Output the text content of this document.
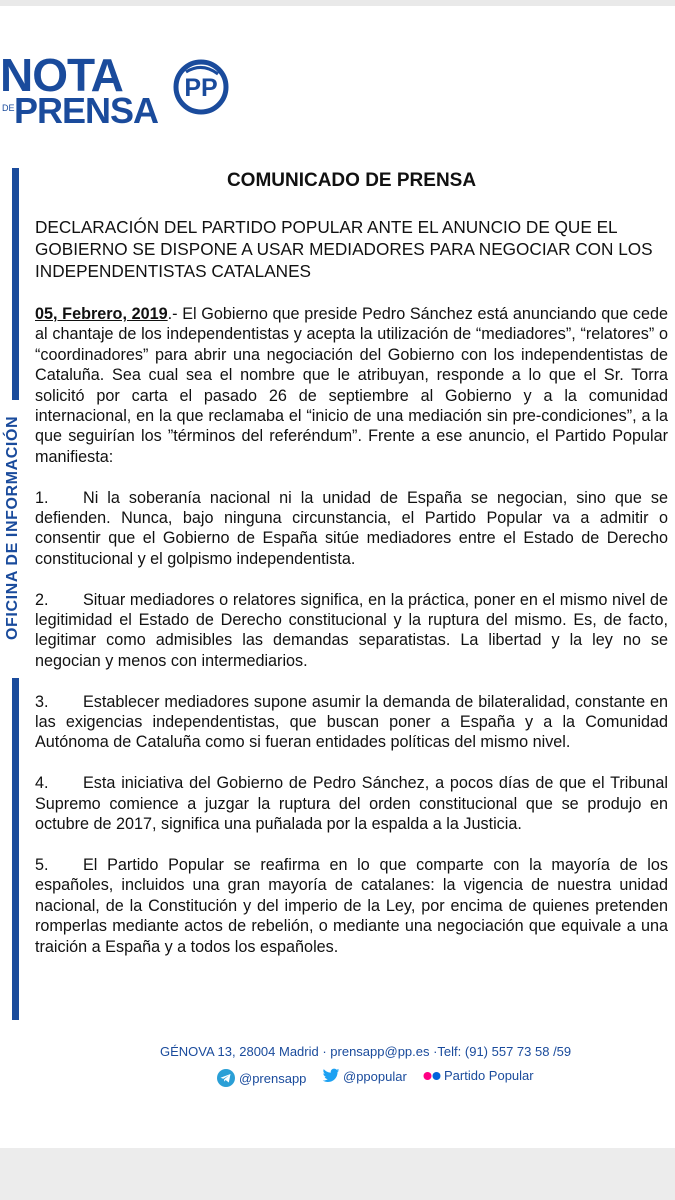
NOTA
DE PRENSA
PP
OFICINA DE INFORMACIÓN
COMUNICADO DE PRENSA
DECLARACIÓN DEL PARTIDO POPULAR ANTE EL ANUNCIO DE QUE EL GOBIERNO SE DISPONE A USAR MEDIADORES PARA NEGOCIAR CON LOS INDEPENDENTISTAS CATALANES

05, Febrero, 2019.- El Gobierno que preside Pedro Sánchez está anunciando que cede al chantaje de los independentistas y acepta la utilización de “mediadores”, “relatores” o “coordinadores” para abrir una negociación del Gobierno con los independentistas de Cataluña. Sea cual sea el nombre que le atribuyan, responde a lo que el Sr. Torra solicitó por carta el pasado 26 de septiembre al Gobierno y a la comunidad internacional, en la que reclamaba el “inicio de una mediación sin pre-condiciones”, a la que seguirían los ”términos del referéndum”. Frente a ese anuncio, el Partido Popular manifiesta:

1. Ni la soberanía nacional ni la unidad de España se negocian, sino que se defienden. Nunca, bajo ninguna circunstancia, el Partido Popular va a admitir o consentir que el Gobierno de España sitúe mediadores entre el Estado de Derecho constitucional y el golpismo independentista.

2. Situar mediadores o relatores significa, en la práctica, poner en el mismo nivel de legitimidad el Estado de Derecho constitucional y la ruptura del mismo. Es, de facto, legitimar como admisibles las demandas separatistas. La libertad y la ley no se negocian y menos con intermediarios.

3. Establecer mediadores supone asumir la demanda de bilateralidad, constante en las exigencias independentistas, que buscan poner a España y a la Comunidad Autónoma de Cataluña como si fueran entidades políticas del mismo nivel.

4. Esta iniciativa del Gobierno de Pedro Sánchez, a pocos días de que el Tribunal Supremo comience a juzgar la ruptura del orden constitucional que se produjo en octubre de 2017, significa una puñalada por la espalda a la Justicia.

5. El Partido Popular se reafirma en lo que comparte con la mayoría de los españoles, incluidos una gran mayoría de catalanes: la vigencia de nuestra unidad nacional, de la Constitución y del imperio de la Ley, por encima de quienes pretenden romperlas mediante actos de rebelión, o mediante una negociación que equivale a una traición a España y a todos los españoles.

GÉNOVA 13, 28004 Madrid · prensapp@pp.es ·Telf: (91) 557 73 58 /59
@prensapp	@ppopular	Partido Popular
